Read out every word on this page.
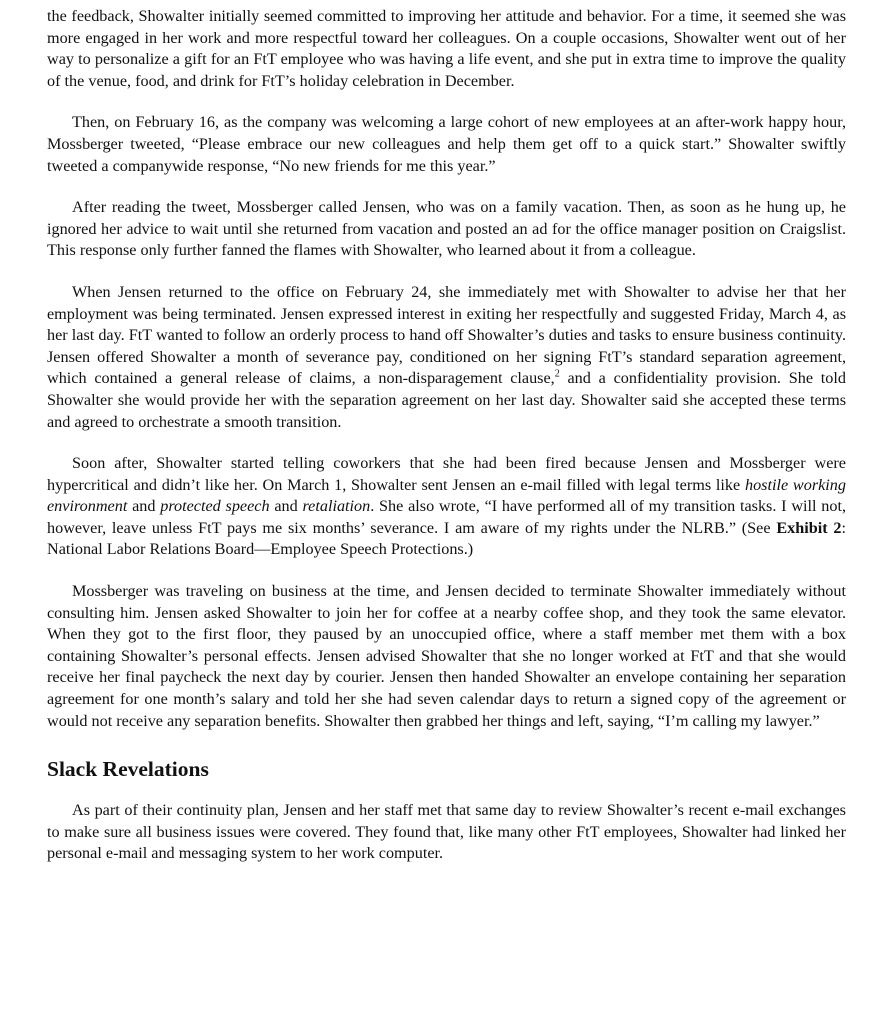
the feedback, Showalter initially seemed committed to improving her attitude and behavior. For a time, it seemed she was more engaged in her work and more respectful toward her colleagues. On a couple occasions, Showalter went out of her way to personalize a gift for an FtT employee who was having a life event, and she put in extra time to improve the quality of the venue, food, and drink for FtT’s holiday celebration in December.

Then, on February 16, as the company was welcoming a large cohort of new employees at an after-work happy hour, Mossberger tweeted, “Please embrace our new colleagues and help them get off to a quick start.” Showalter swiftly tweeted a companywide response, “No new friends for me this year.”

After reading the tweet, Mossberger called Jensen, who was on a family vacation. Then, as soon as he hung up, he ignored her advice to wait until she returned from vacation and posted an ad for the office manager position on Craigslist. This response only further fanned the flames with Showalter, who learned about it from a colleague.

When Jensen returned to the office on February 24, she immediately met with Showalter to advise her that her employment was being terminated. Jensen expressed interest in exiting her respectfully and suggested Friday, March 4, as her last day. FtT wanted to follow an orderly process to hand off Showalter’s duties and tasks to ensure business continuity. Jensen offered Showalter a month of severance pay, conditioned on her signing FtT’s standard separation agreement, which contained a general release of claims, a non-disparagement clause,$^2$ and a confidentiality provision. She told Showalter she would provide her with the separation agreement on her last day. Showalter said she accepted these terms and agreed to orchestrate a smooth transition.

Soon after, Showalter started telling coworkers that she had been fired because Jensen and Mossberger were hypercritical and didn’t like her. On March 1, Showalter sent Jensen an e-mail filled with legal terms like hostile working environment and protected speech and retaliation. She also wrote, “I have performed all of my transition tasks. I will not, however, leave unless FtT pays me six months’ severance. I am aware of my rights under the NLRB.” (See Exhibit 2: National Labor Relations Board—Employee Speech Protections.)

Mossberger was traveling on business at the time, and Jensen decided to terminate Showalter immediately without consulting him. Jensen asked Showalter to join her for coffee at a nearby coffee shop, and they took the same elevator. When they got to the first floor, they paused by an unoccupied office, where a staff member met them with a box containing Showalter’s personal effects. Jensen advised Showalter that she no longer worked at FtT and that she would receive her final paycheck the next day by courier. Jensen then handed Showalter an envelope containing her separation agreement for one month’s salary and told her she had seven calendar days to return a signed copy of the agreement or would not receive any separation benefits. Showalter then grabbed her things and left, saying, “I’m calling my lawyer.”

Slack Revelations

As part of their continuity plan, Jensen and her staff met that same day to review Showalter’s recent e-mail exchanges to make sure all business issues were covered. They found that, like many other FtT employees, Showalter had linked her personal e-mail and messaging system to her work computer.
